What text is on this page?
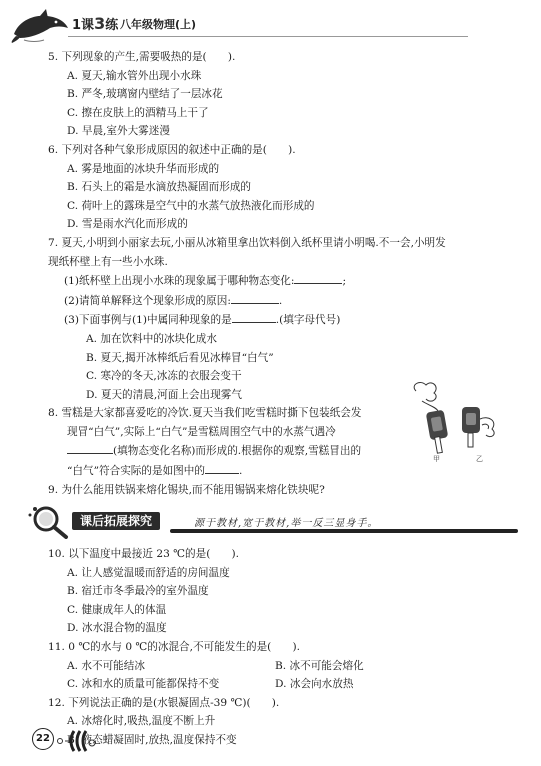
1课3练 八年级物理(上)
5. 下列现象的产生,需要吸热的是(　　).
A. 夏天,输水管外出现小水珠
B. 严冬,玻璃窗内壁结了一层冰花
C. 擦在皮肤上的酒精马上干了
D. 早晨,室外大雾迷漫
6. 下列对各种气象形成原因的叙述中正确的是(　　).
A. 雾是地面的冰块升华而形成的
B. 石头上的霜是水滴放热凝固而形成的
C. 荷叶上的露珠是空气中的水蒸气放热液化而形成的
D. 雪是雨水汽化而形成的
7. 夏天,小明到小丽家去玩,小丽从冰箱里拿出饮料倒入纸杯里请小明喝.不一会,小明发
现纸杯壁上有一些小水珠.
(1)纸杯壁上出现小水珠的现象属于哪种物态变化:	;
(2)请简单解释这个现象形成的原因:	.
(3)下面事例与(1)中属同种现象的是	.(填字母代号)
A. 加在饮料中的冰块化成水
B. 夏天,揭开冰棒纸后看见冰棒冒“白气”
C. 寒冷的冬天,冰冻的衣服会变干
D. 夏天的清晨,河面上会出现雾气
8. 雪糕是大家都喜爱吃的冷饮.夏天当我们吃雪糕时撕下包装纸会发
现冒“白气”,实际上“白气”是雪糕周围空气中的水蒸气遇冷
(填物态变化名称)而形成的.根据你的观察,雪糕冒出的
“白气”符合实际的是如图中的	.
9. 为什么能用铁锅来熔化锡块,而不能用锡锅来熔化铁块呢?
甲	乙
课后拓展探究	源于教材,宽于教材,举一反三显身手。
10. 以下温度中最接近 23 ℃的是(　　).
A. 让人感觉温暖而舒适的房间温度
B. 宿迁市冬季最冷的室外温度
C. 健康成年人的体温
D. 冰水混合物的温度
11. 0 ℃的水与 0 ℃的冰混合,不可能发生的是(　　).
A. 水不可能结冰	B. 冰不可能会熔化
C. 冰和水的质量可能都保持不变	D. 冰会向水放热
12. 下列说法正确的是(水银凝固点-39 ℃)(　　).
A. 冰熔化时,吸热,温度不断上升
B. 液态蜡凝固时,放热,温度保持不变
22
